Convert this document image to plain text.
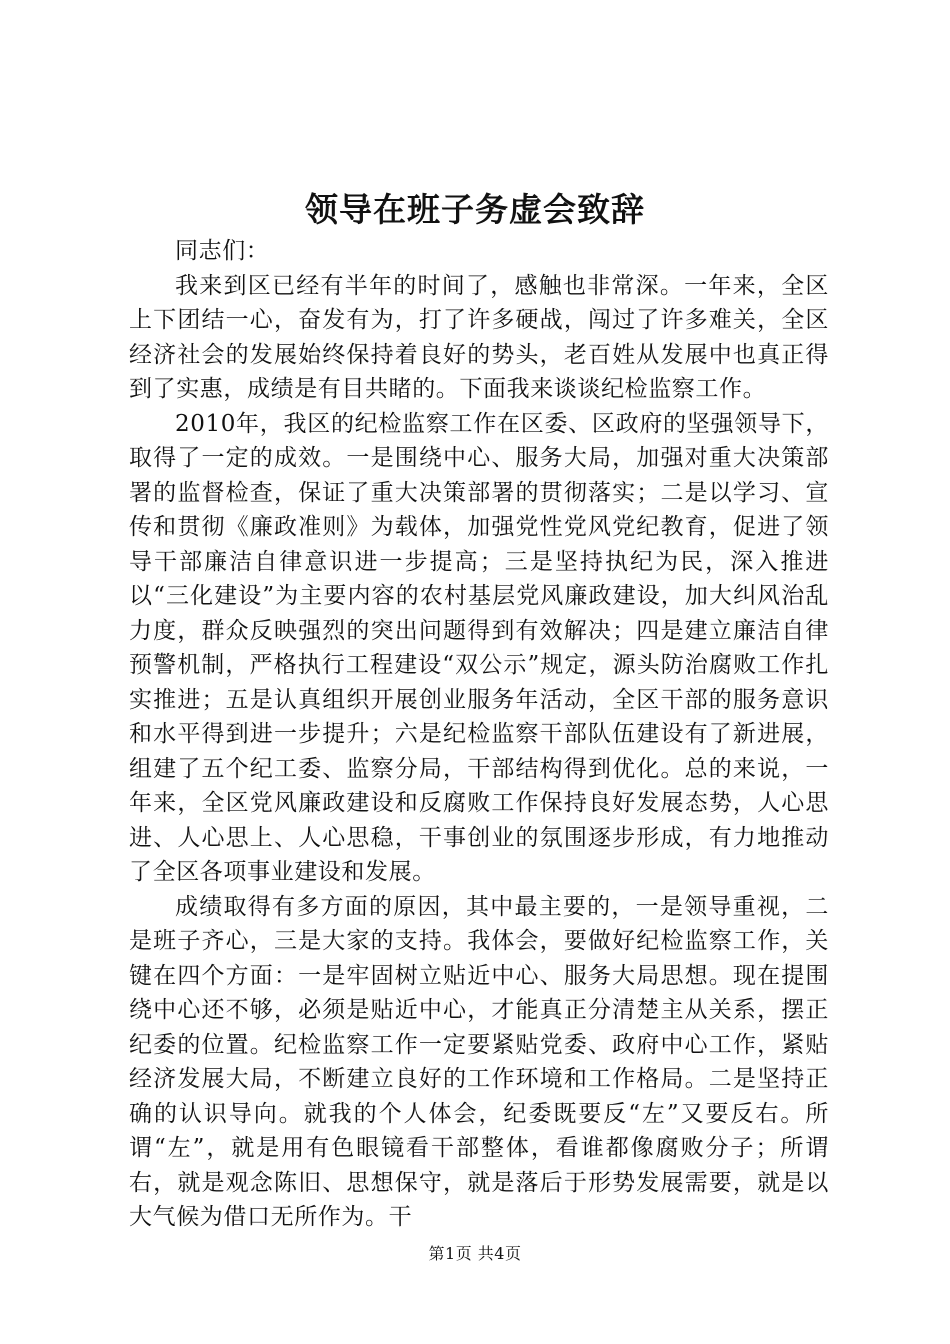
领导在班子务虚会致辞

同志们：

我来到区已经有半年的时间了，感触也非常深。一年来，全区上下团结一心，奋发有为，打了许多硬战，闯过了许多难关，全区经济社会的发展始终保持着良好的势头，老百姓从发展中也真正得到了实惠，成绩是有目共睹的。下面我来谈谈纪检监察工作。

2010年，我区的纪检监察工作在区委、区政府的坚强领导下，取得了一定的成效。一是围绕中心、服务大局，加强对重大决策部署的监督检查，保证了重大决策部署的贯彻落实；二是以学习、宣传和贯彻《廉政准则》为载体，加强党性党风党纪教育，促进了领导干部廉洁自律意识进一步提高；三是坚持执纪为民，深入推进以“三化建设”为主要内容的农村基层党风廉政建设，加大纠风治乱力度，群众反映强烈的突出问题得到有效解决；四是建立廉洁自律预警机制，严格执行工程建设“双公示”规定，源头防治腐败工作扎实推进；五是认真组织开展创业服务年活动，全区干部的服务意识和水平得到进一步提升；六是纪检监察干部队伍建设有了新进展，组建了五个纪工委、监察分局，干部结构得到优化。总的来说，一年来，全区党风廉政建设和反腐败工作保持良好发展态势，人心思进、人心思上、人心思稳，干事创业的氛围逐步形成，有力地推动了全区各项事业建设和发展。

成绩取得有多方面的原因，其中最主要的，一是领导重视，二是班子齐心，三是大家的支持。我体会，要做好纪检监察工作，关键在四个方面：一是牢固树立贴近中心、服务大局思想。现在提围绕中心还不够，必须是贴近中心，才能真正分清楚主从关系，摆正纪委的位置。纪检监察工作一定要紧贴党委、政府中心工作，紧贴经济发展大局，不断建立良好的工作环境和工作格局。二是坚持正确的认识导向。就我的个人体会，纪委既要反“左”又要反右。所谓“左”，就是用有色眼镜看干部整体，看谁都像腐败分子；所谓右，就是观念陈旧、思想保守，就是落后于形势发展需要，就是以大气候为借口无所作为。干

第1页 共4页
